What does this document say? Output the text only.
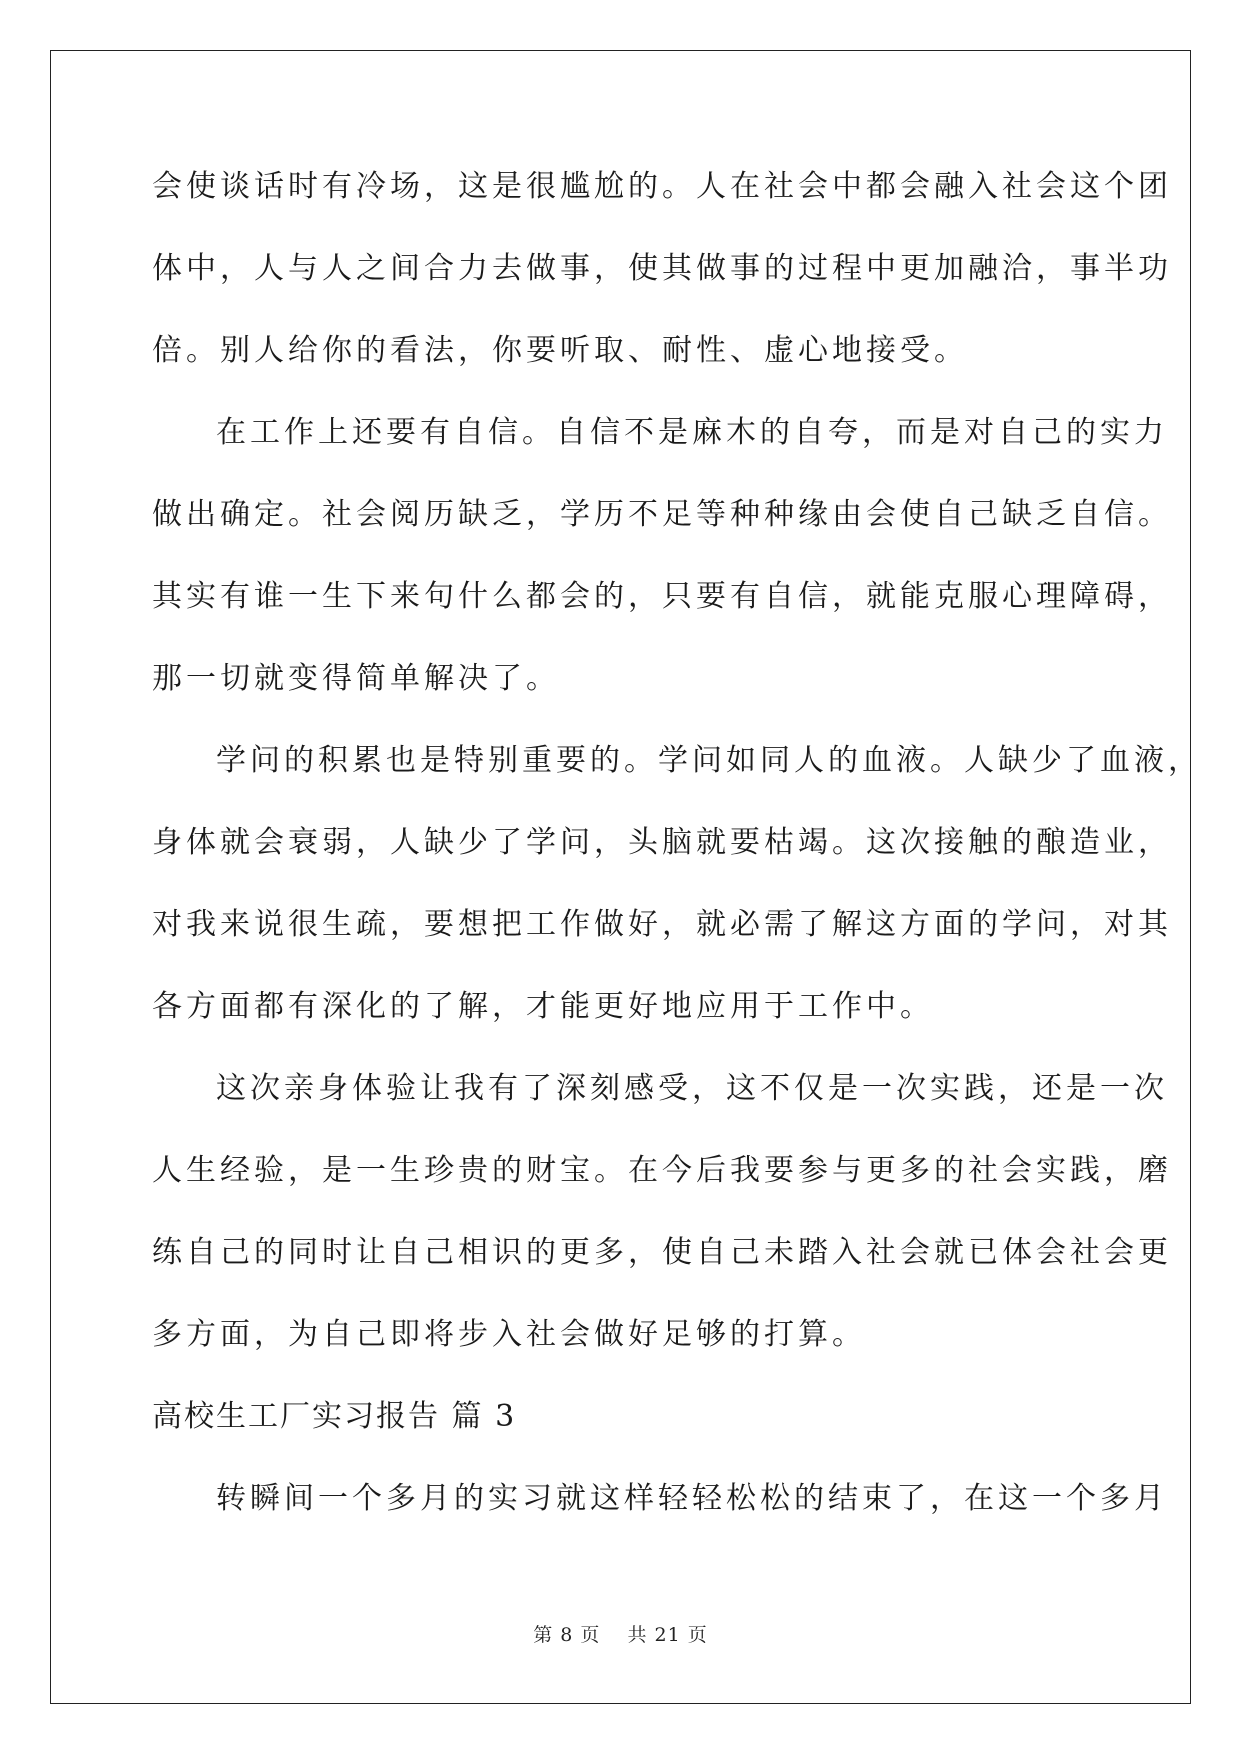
会使谈话时有冷场，这是很尴尬的。人在社会中都会融入社会这个团
体中，人与人之间合力去做事，使其做事的过程中更加融洽，事半功
倍。别人给你的看法，你要听取、耐性、虚心地接受。
在工作上还要有自信。自信不是麻木的自夸，而是对自己的实力
做出确定。社会阅历缺乏，学历不足等种种缘由会使自己缺乏自信。
其实有谁一生下来句什么都会的，只要有自信，就能克服心理障碍，
那一切就变得简单解决了。
学问的积累也是特别重要的。学问如同人的血液。人缺少了血液，
身体就会衰弱，人缺少了学问，头脑就要枯竭。这次接触的酿造业，
对我来说很生疏，要想把工作做好，就必需了解这方面的学问，对其
各方面都有深化的了解，才能更好地应用于工作中。
这次亲身体验让我有了深刻感受，这不仅是一次实践，还是一次
人生经验，是一生珍贵的财宝。在今后我要参与更多的社会实践，磨
练自己的同时让自己相识的更多，使自己未踏入社会就已体会社会更
多方面，为自己即将步入社会做好足够的打算。
高校生工厂实习报告 篇 3
转瞬间一个多月的实习就这样轻轻松松的结束了，在这一个多月
第 8 页 共 21 页
